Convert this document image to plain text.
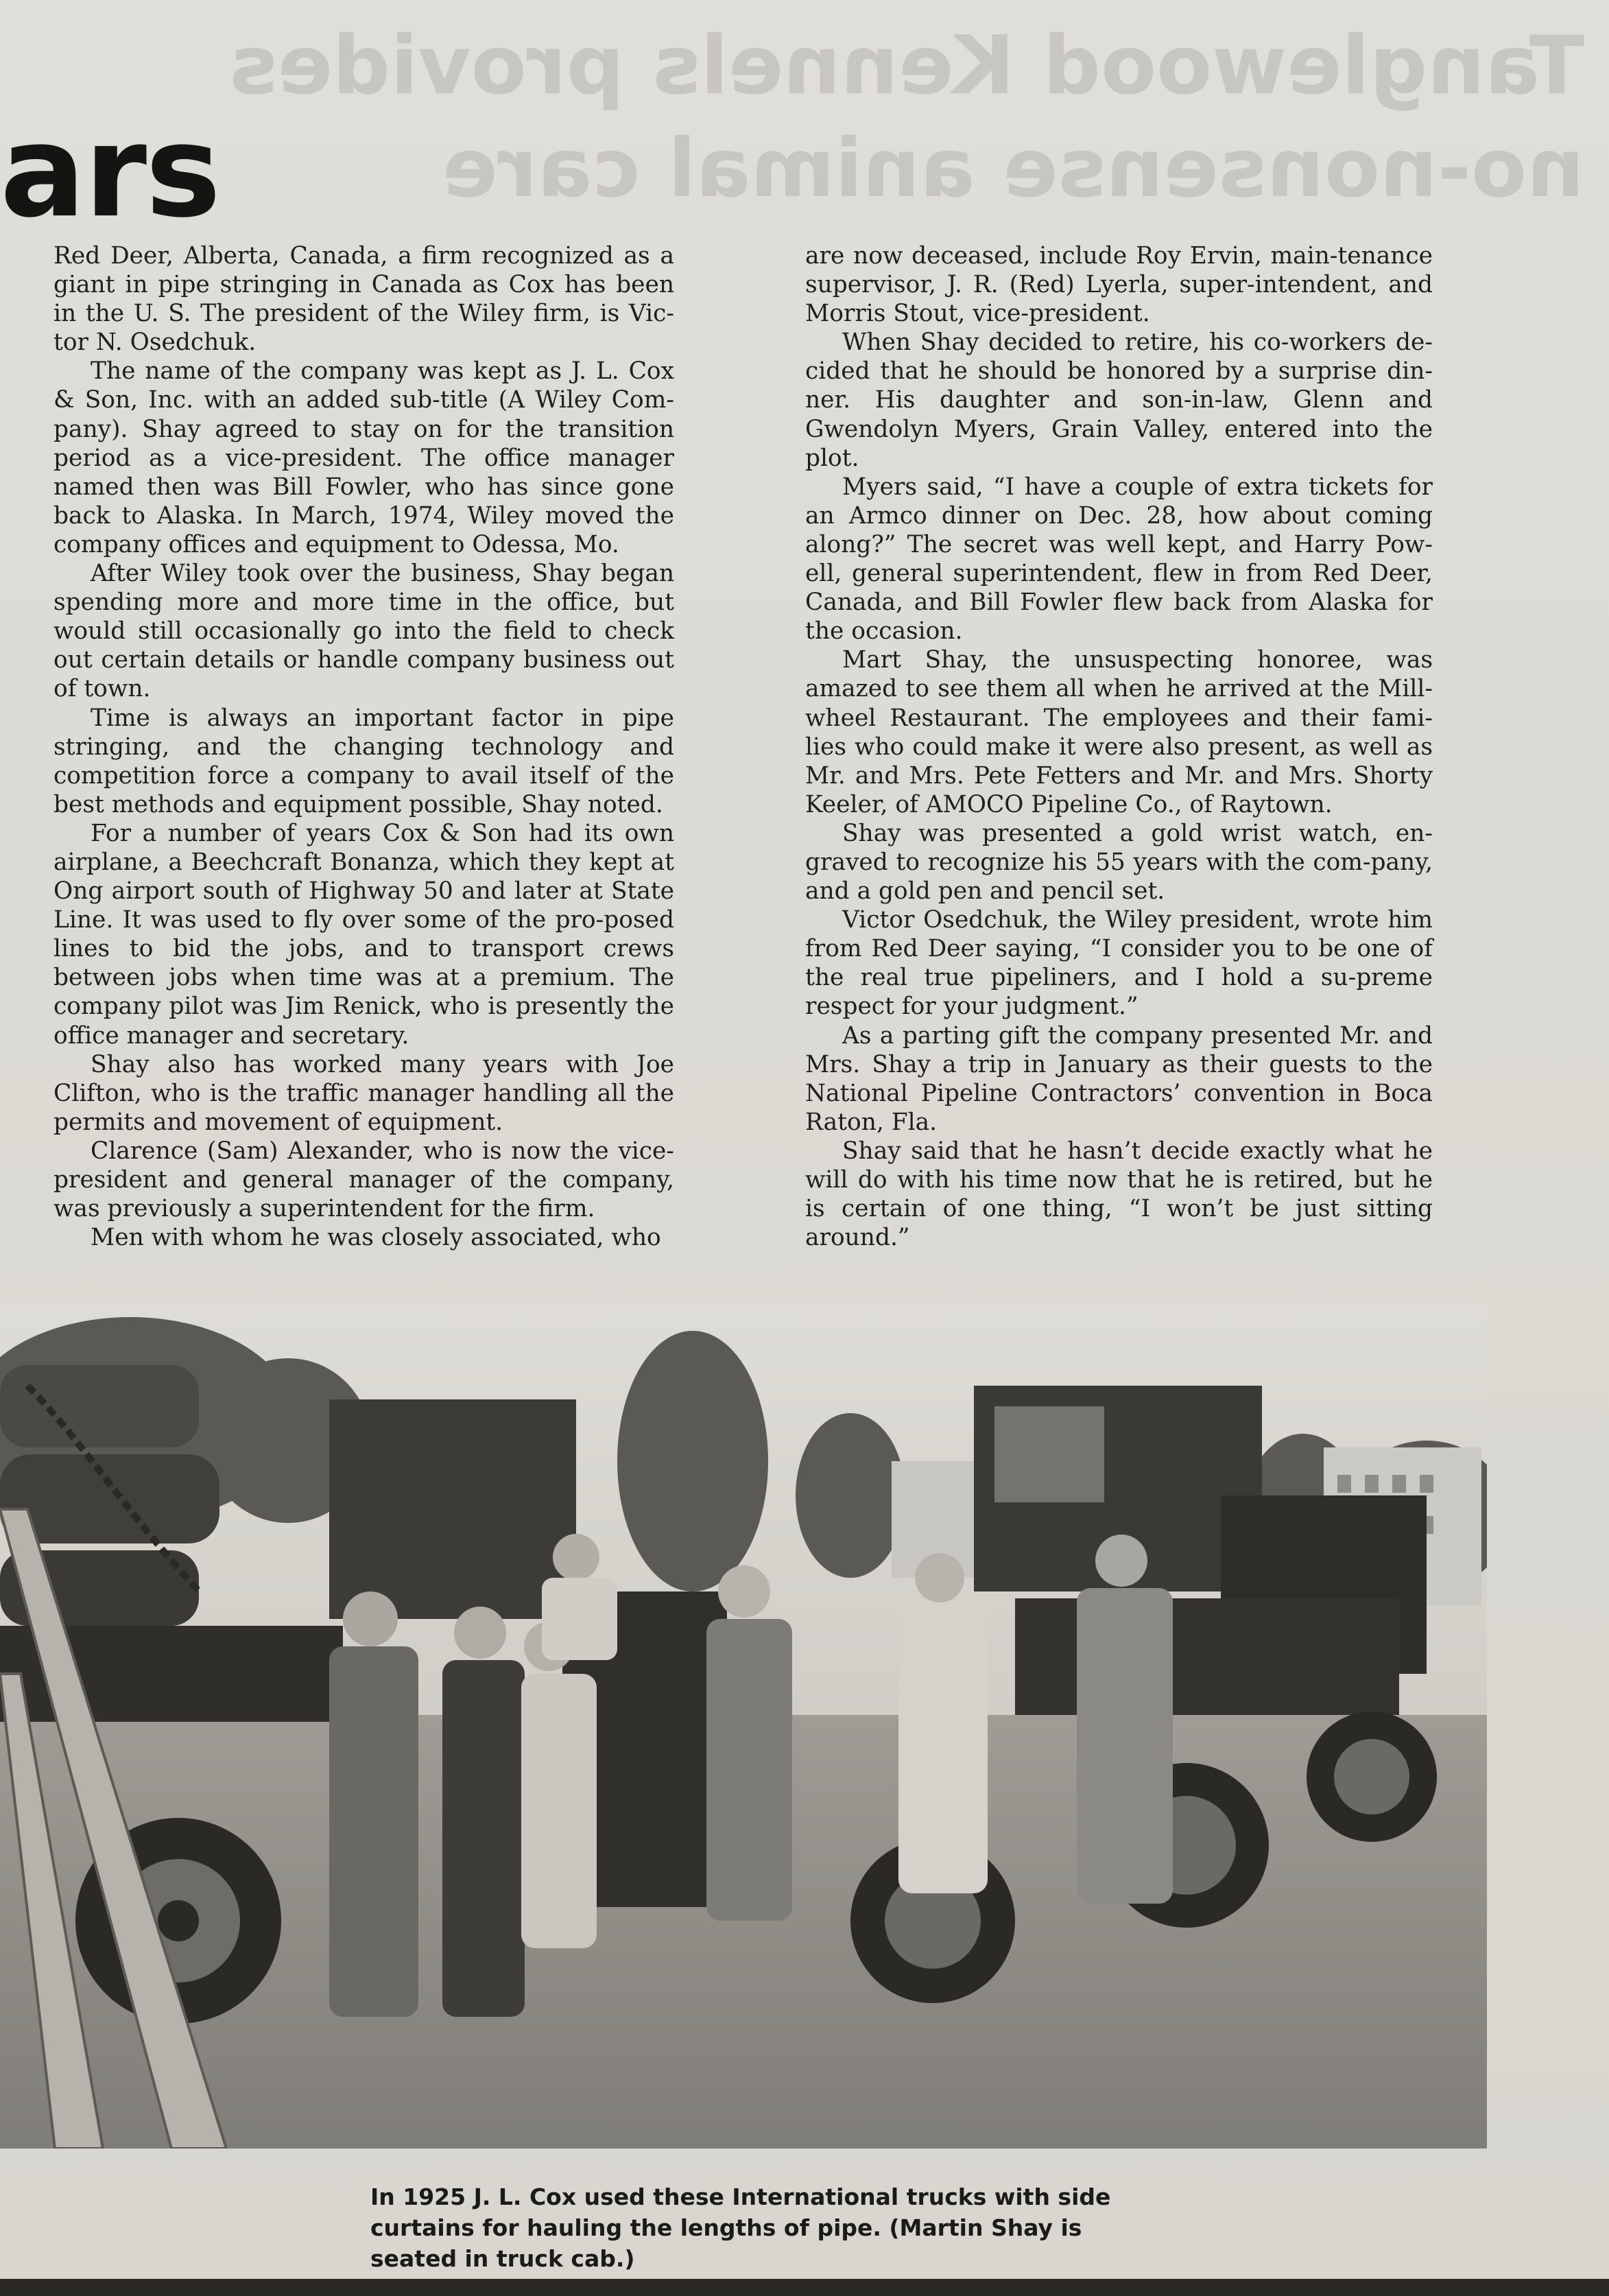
Tanglewood Kennels provides
no-nonsense animal care
ars

Red Deer, Alberta, Canada, a firm recognized as a giant in pipe stringing in Canada as Cox has been in the U. S. The president of the Wiley firm, is Vic-tor N. Osedchuk.

The name of the company was kept as J. L. Cox & Son, Inc. with an added sub-title (A Wiley Com-pany). Shay agreed to stay on for the transition period as a vice-president. The office manager named then was Bill Fowler, who has since gone back to Alaska. In March, 1974, Wiley moved the company offices and equipment to Odessa, Mo.

After Wiley took over the business, Shay began spending more and more time in the office, but would still occasionally go into the field to check out certain details or handle company business out of town.

Time is always an important factor in pipe stringing, and the changing technology and competition force a company to avail itself of the best methods and equipment possible, Shay noted.

For a number of years Cox & Son had its own airplane, a Beechcraft Bonanza, which they kept at Ong airport south of Highway 50 and later at State Line. It was used to fly over some of the pro-posed lines to bid the jobs, and to transport crews between jobs when time was at a premium. The company pilot was Jim Renick, who is presently the office manager and secretary.

Shay also has worked many years with Joe Clifton, who is the traffic manager handling all the permits and movement of equipment.

Clarence (Sam) Alexander, who is now the vice-president and general manager of the company, was previously a superintendent for the firm.

Men with whom he was closely associated, who

are now deceased, include Roy Ervin, main-tenance supervisor, J. R. (Red) Lyerla, super-intendent, and Morris Stout, vice-president.

When Shay decided to retire, his co-workers de-cided that he should be honored by a surprise din-ner. His daughter and son-in-law, Glenn and Gwendolyn Myers, Grain Valley, entered into the plot.

Myers said, “I have a couple of extra tickets for an Armco dinner on Dec. 28, how about coming along?” The secret was well kept, and Harry Pow-ell, general superintendent, flew in from Red Deer, Canada, and Bill Fowler flew back from Alaska for the occasion.

Mart Shay, the unsuspecting honoree, was amazed to see them all when he arrived at the Mill-wheel Restaurant. The employees and their fami-lies who could make it were also present, as well as Mr. and Mrs. Pete Fetters and Mr. and Mrs. Shorty Keeler, of AMOCO Pipeline Co., of Raytown.

Shay was presented a gold wrist watch, en-graved to recognize his 55 years with the com-pany, and a gold pen and pencil set.

Victor Osedchuk, the Wiley president, wrote him from Red Deer saying, “I consider you to be one of the real true pipeliners, and I hold a su-preme respect for your judgment.”

As a parting gift the company presented Mr. and Mrs. Shay a trip in January as their guests to the National Pipeline Contractors’ convention in Boca Raton, Fla.

Shay said that he hasn’t decide exactly what he will do with his time now that he is retired, but he is certain of one thing, “I won’t be just sitting around.”

In 1925 J. L. Cox used these International trucks with side curtains for hauling the lengths of pipe. (Martin Shay is seated in truck cab.)
